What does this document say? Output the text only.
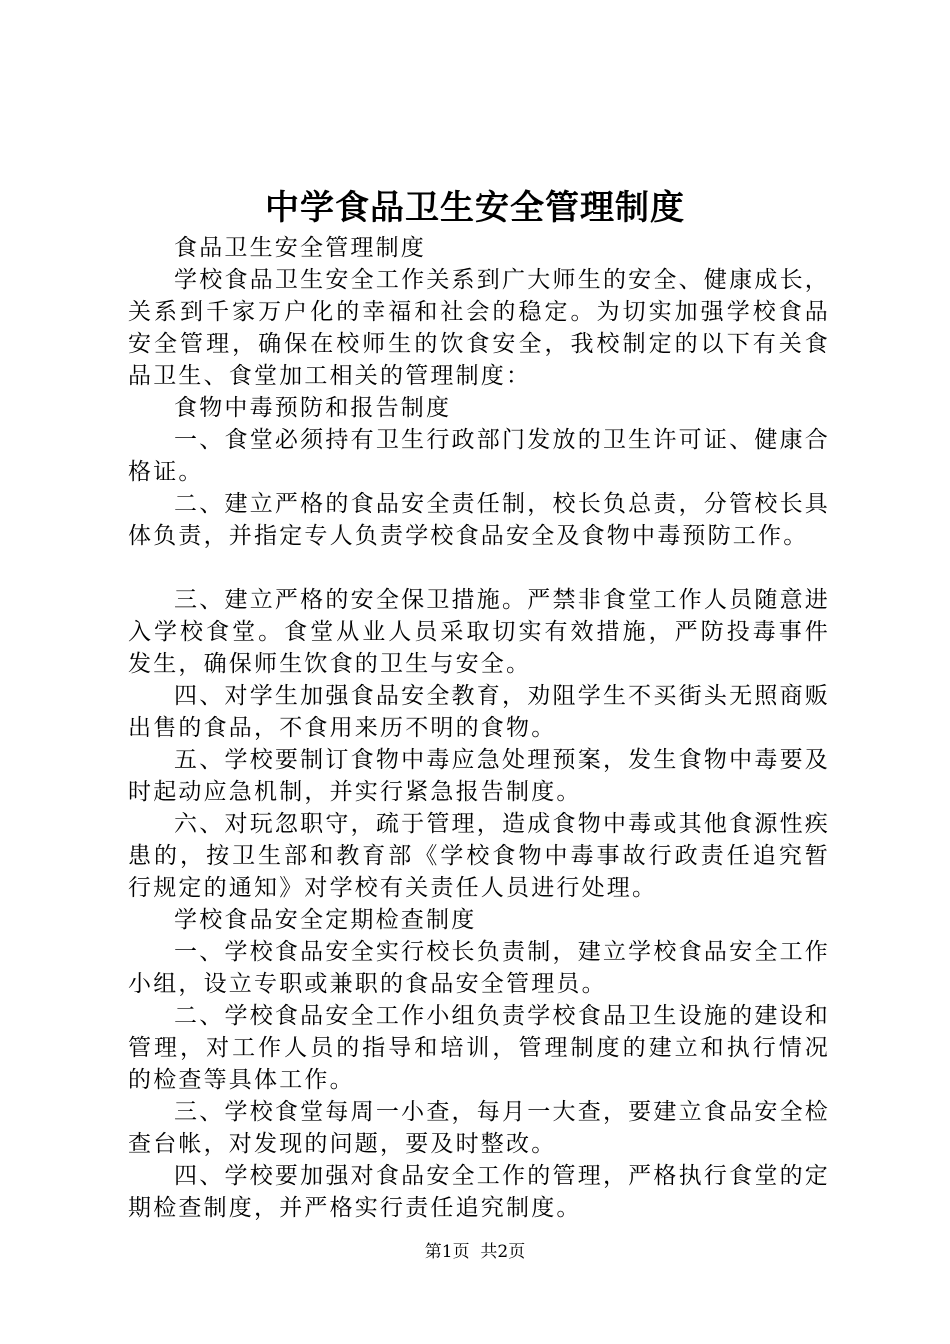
中学食品卫生安全管理制度

食品卫生安全管理制度

学校食品卫生安全工作关系到广大师生的安全、健康成长，关系到千家万户化的幸福和社会的稳定。为切实加强学校食品安全管理，确保在校师生的饮食安全，我校制定的以下有关食品卫生、食堂加工相关的管理制度：

食物中毒预防和报告制度

一、食堂必须持有卫生行政部门发放的卫生许可证、健康合格证。

二、建立严格的食品安全责任制，校长负总责，分管校长具体负责，并指定专人负责学校食品安全及食物中毒预防工作。

三、建立严格的安全保卫措施。严禁非食堂工作人员随意进入学校食堂。食堂从业人员采取切实有效措施，严防投毒事件发生，确保师生饮食的卫生与安全。

四、对学生加强食品安全教育，劝阻学生不买街头无照商贩出售的食品，不食用来历不明的食物。

五、学校要制订食物中毒应急处理预案，发生食物中毒要及时起动应急机制，并实行紧急报告制度。

六、对玩忽职守，疏于管理，造成食物中毒或其他食源性疾患的，按卫生部和教育部《学校食物中毒事故行政责任追究暂行规定的通知》对学校有关责任人员进行处理。

学校食品安全定期检查制度

一、学校食品安全实行校长负责制，建立学校食品安全工作小组，设立专职或兼职的食品安全管理员。

二、学校食品安全工作小组负责学校食品卫生设施的建设和管理，对工作人员的指导和培训，管理制度的建立和执行情况的检查等具体工作。

三、学校食堂每周一小查，每月一大查，要建立食品安全检查台帐，对发现的问题，要及时整改。

四、学校要加强对食品安全工作的管理，严格执行食堂的定期检查制度，并严格实行责任追究制度。

第1页  共2页
